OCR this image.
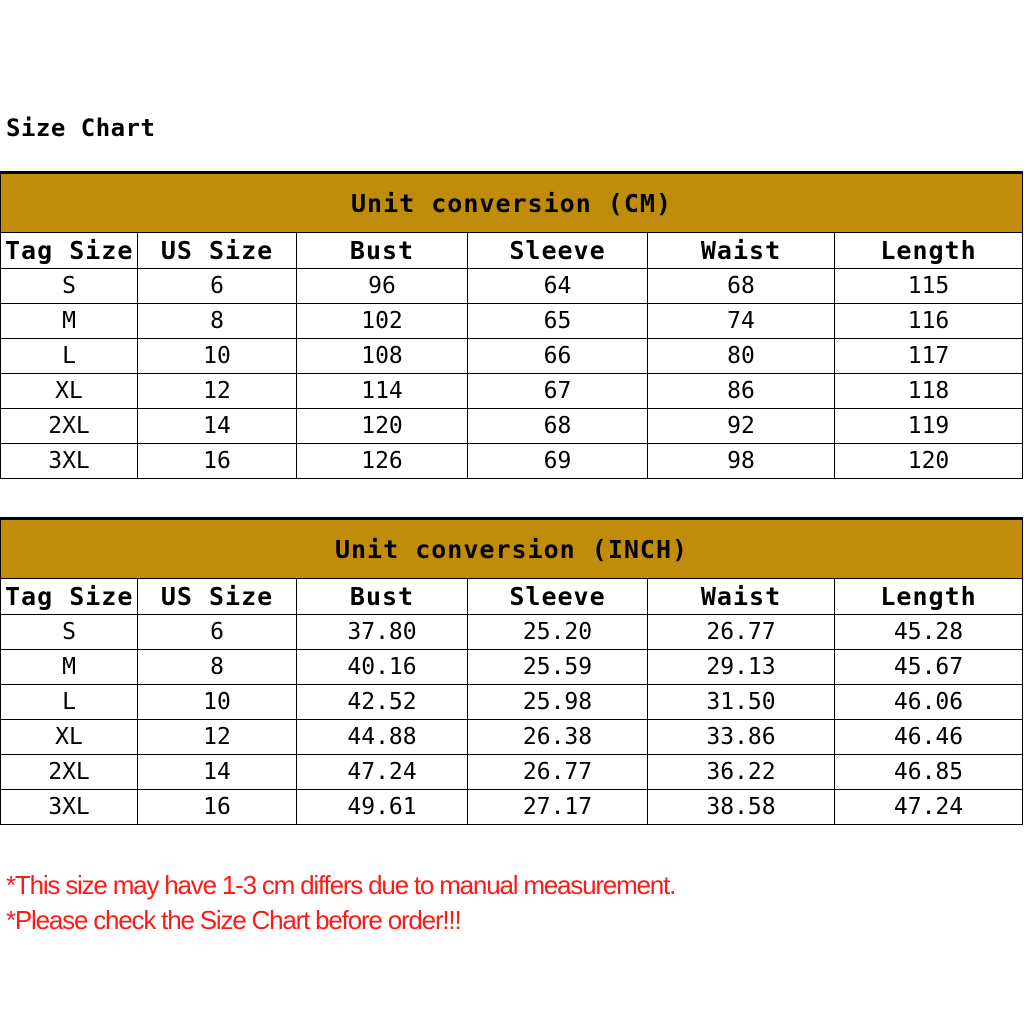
Size Chart
Unit conversion (CM)					
Tag Size	US Size	Bust	Sleeve	Waist	Length
S	6	96	64	68	115
M	8	102	65	74	116
L	10	108	66	80	117
XL	12	114	67	86	118
2XL	14	120	68	92	119
3XL	16	126	69	98	120
Unit conversion (INCH)					
Tag Size	US Size	Bust	Sleeve	Waist	Length
S	6	37.80	25.20	26.77	45.28
M	8	40.16	25.59	29.13	45.67
L	10	42.52	25.98	31.50	46.06
XL	12	44.88	26.38	33.86	46.46
2XL	14	47.24	26.77	36.22	46.85
3XL	16	49.61	27.17	38.58	47.24
*This size may have 1-3 cm differs due to manual measurement.
*Please check the Size Chart before order!!!
